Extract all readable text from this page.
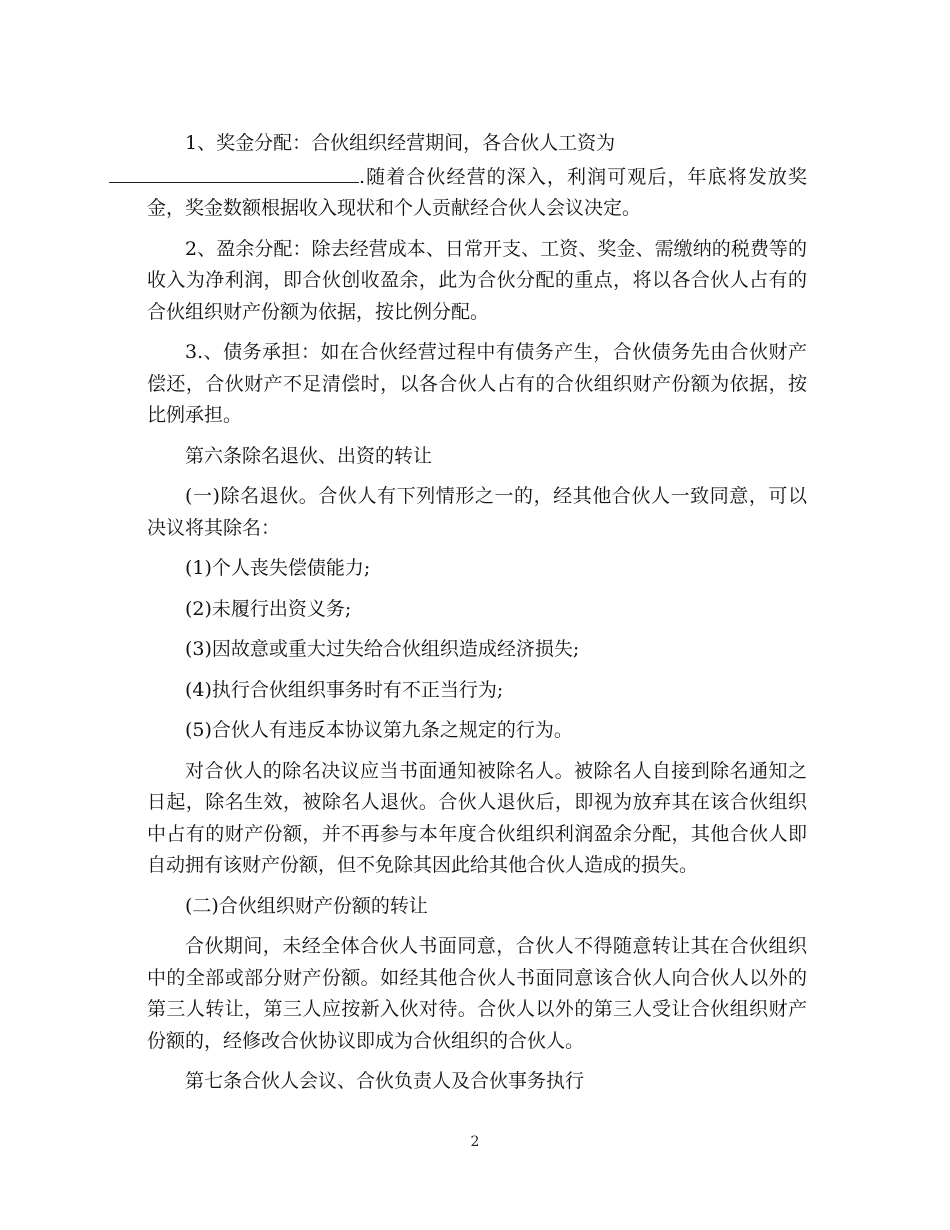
1、奖金分配：合伙组织经营期间，各合伙人工资为
.随着合伙经营的深入，利润可观后，年底将发放奖金，奖金数额根据收入现状和个人贡献经合伙人会议决定。

2、盈余分配：除去经营成本、日常开支、工资、奖金、需缴纳的税费等的收入为净利润，即合伙创收盈余，此为合伙分配的重点，将以各合伙人占有的合伙组织财产份额为依据，按比例分配。

3.、债务承担：如在合伙经营过程中有债务产生，合伙债务先由合伙财产偿还，合伙财产不足清偿时，以各合伙人占有的合伙组织财产份额为依据，按比例承担。

第六条除名退伙、出资的转让

(一)除名退伙。合伙人有下列情形之一的，经其他合伙人一致同意，可以决议将其除名：

(1)个人丧失偿债能力;

(2)未履行出资义务;

(3)因故意或重大过失给合伙组织造成经济损失;

(4)执行合伙组织事务时有不正当行为;

(5)合伙人有违反本协议第九条之规定的行为。

对合伙人的除名决议应当书面通知被除名人。被除名人自接到除名通知之日起，除名生效，被除名人退伙。合伙人退伙后，即视为放弃其在该合伙组织中占有的财产份额，并不再参与本年度合伙组织利润盈余分配，其他合伙人即自动拥有该财产份额，但不免除其因此给其他合伙人造成的损失。

(二)合伙组织财产份额的转让

合伙期间，未经全体合伙人书面同意，合伙人不得随意转让其在合伙组织中的全部或部分财产份额。如经其他合伙人书面同意该合伙人向合伙人以外的第三人转让，第三人应按新入伙对待。合伙人以外的第三人受让合伙组织财产份额的，经修改合伙协议即成为合伙组织的合伙人。

第七条合伙人会议、合伙负责人及合伙事务执行

2
